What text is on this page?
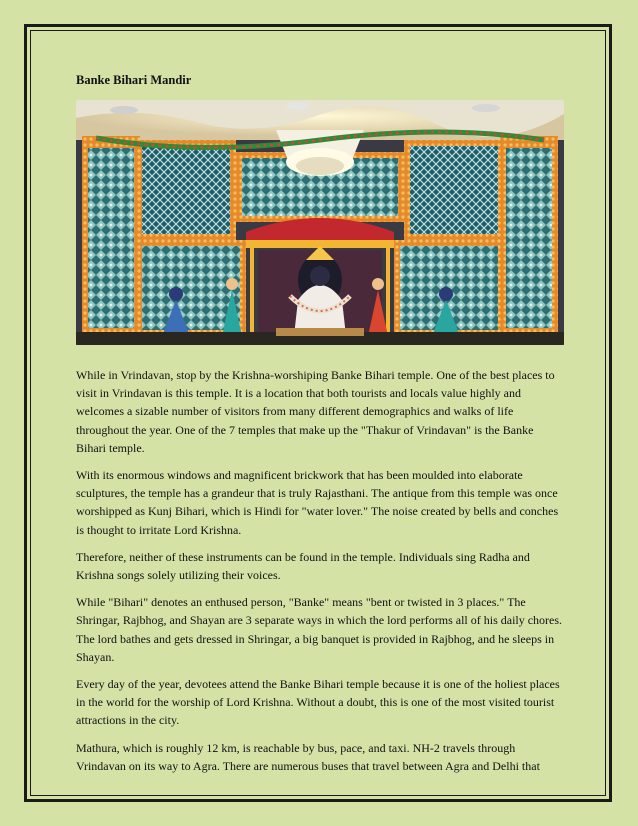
Banke Bihari Mandir

While in Vrindavan, stop by the Krishna-worshiping Banke Bihari temple. One of the best places to visit in Vrindavan is this temple. It is a location that both tourists and locals value highly and welcomes a sizable number of visitors from many different demographics and walks of life throughout the year. One of the 7 temples that make up the "Thakur of Vrindavan" is the Banke Bihari temple.

With its enormous windows and magnificent brickwork that has been moulded into elaborate sculptures, the temple has a grandeur that is truly Rajasthani. The antique from this temple was once worshipped as Kunj Bihari, which is Hindi for "water lover." The noise created by bells and conches is thought to irritate Lord Krishna.

Therefore, neither of these instruments can be found in the temple. Individuals sing Radha and Krishna songs solely utilizing their voices.

While "Bihari" denotes an enthused person, "Banke" means "bent or twisted in 3 places." The Shringar, Rajbhog, and Shayan are 3 separate ways in which the lord performs all of his daily chores. The lord bathes and gets dressed in Shringar, a big banquet is provided in Rajbhog, and he sleeps in Shayan.

Every day of the year, devotees attend the Banke Bihari temple because it is one of the holiest places in the world for the worship of Lord Krishna. Without a doubt, this is one of the most visited tourist attractions in the city.

Mathura, which is roughly 12 km, is reachable by bus, pace, and taxi. NH-2 travels through Vrindavan on its way to Agra. There are numerous buses that travel between Agra and Delhi that
